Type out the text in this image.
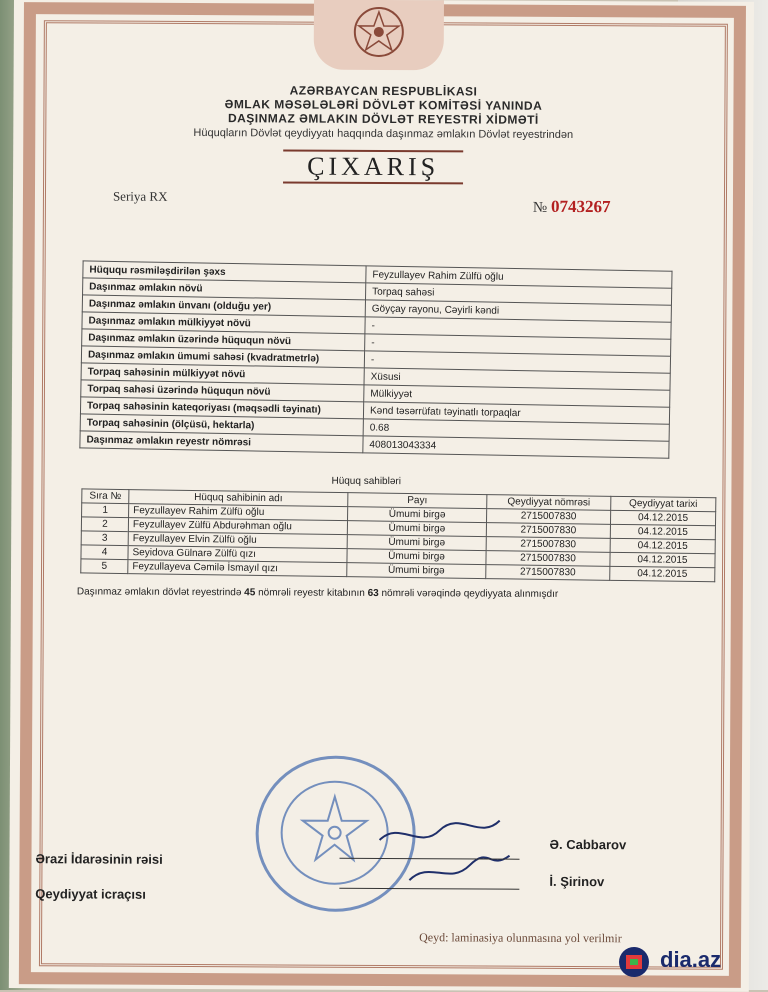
AZƏRBAYCAN RESPUBLİKASI
ƏMLAK MƏSƏLƏLƏRİ DÖVLƏT KOMİTƏSİ YANINDA
DAŞINMAZ ƏMLAKIN DÖVLƏT REYESTRİ XİDMƏTİ
Hüquqların Dövlət qeydiyyatı haqqında daşınmaz əmlakın Dövlət reyestrindən
ÇIXARIŞ
Seriya RX
№ 0743267
Hüququ rəsmiləşdirilən şəxs	Feyzullayev Rahim Zülfü oğlu
Daşınmaz əmlakın növü	Torpaq sahəsi
Daşınmaz əmlakın ünvanı (olduğu yer)	Göyçay rayonu, Cəyirli kəndi
Daşınmaz əmlakın mülkiyyət növü	-
Daşınmaz əmlakın üzərində hüququn növü	-
Daşınmaz əmlakın ümumi sahəsi (kvadratmetrlə)	-
Torpaq sahəsinin mülkiyyət növü	Xüsusi
Torpaq sahəsi üzərində hüququn növü	Mülkiyyət
Torpaq sahəsinin kateqoriyası (məqsədli təyinatı)	Kənd təsərrüfatı təyinatlı torpaqlar
Torpaq sahəsinin (ölçüsü, hektarla)	0.68
Daşınmaz əmlakın reyestr nömrəsi	408013043334
Hüquq sahibləri
Sıra №	Hüquq sahibinin adı	Payı	Qeydiyyat nömrəsi	Qeydiyyat tarixi
1	Feyzullayev Rahim Zülfü oğlu	Ümumi birgə	2715007830	04.12.2015
2	Feyzullayev Zülfü Abdurəhman oğlu	Ümumi birgə	2715007830	04.12.2015
3	Feyzullayev Elvin Zülfü oğlu	Ümumi birgə	2715007830	04.12.2015
4	Seyidova Gülnarə Zülfü qızı	Ümumi birgə	2715007830	04.12.2015
5	Feyzullayeva Cəmilə İsmayıl qızı	Ümumi birgə	2715007830	04.12.2015
Daşınmaz əmlakın dövlət reyestrində 45 nömrəli reyestr kitabının 63 nömrəli vərəqində qeydiyyata alınmışdır
Ərazi İdarəsinin rəisi
Ə. Cabbarov
Qeydiyyat icraçısı
İ. Şirinov
Qeyd: laminasiya olunmasına yol verilmir
dia.az
